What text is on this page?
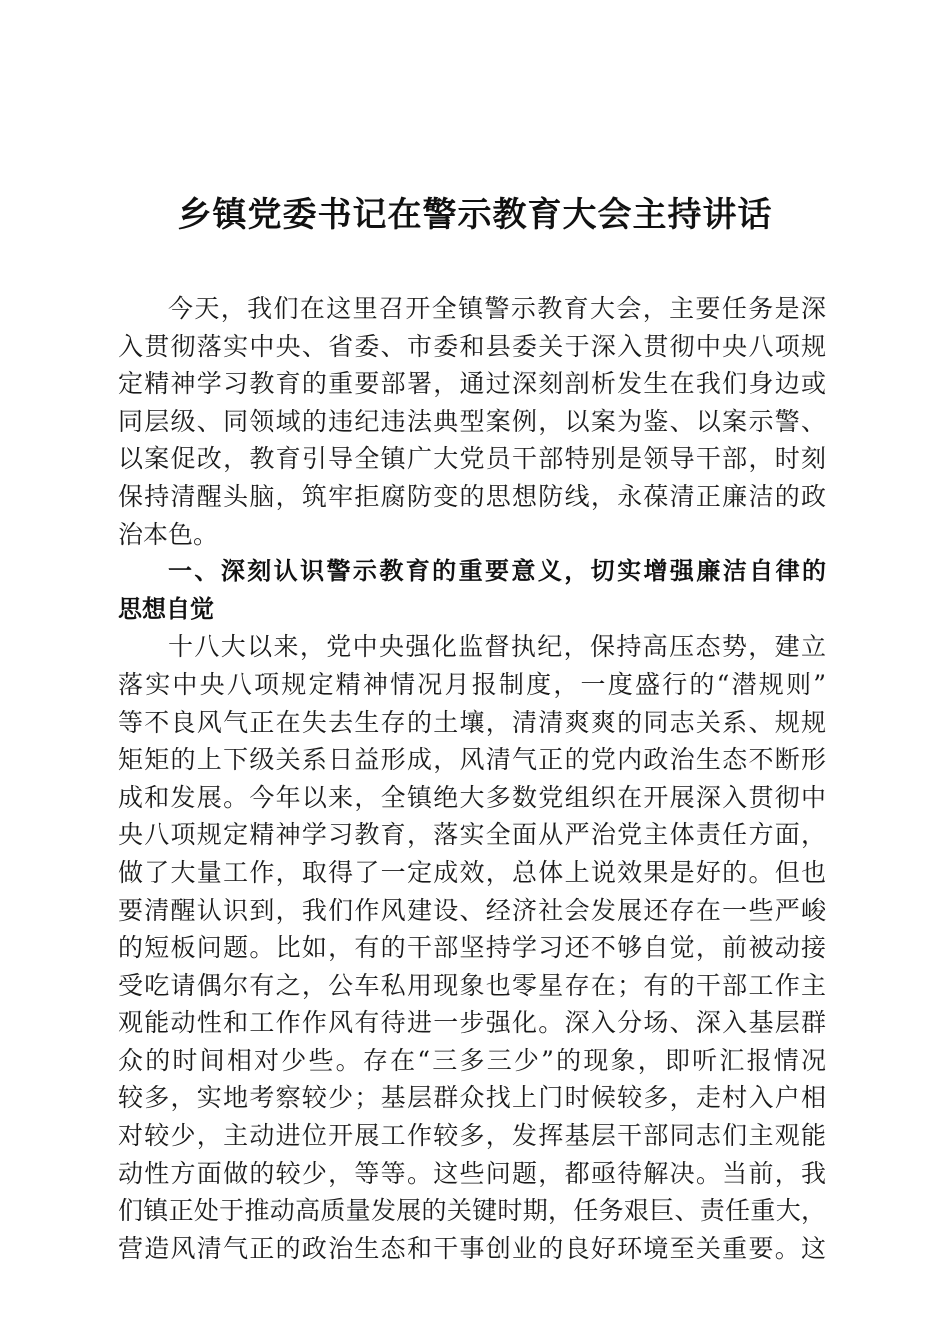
乡镇党委书记在警示教育大会主持讲话
今天，我们在这里召开全镇警示教育大会，主要任务是深
入贯彻落实中央、省委、市委和县委关于深入贯彻中央八项规
定精神学习教育的重要部署，通过深刻剖析发生在我们身边或
同层级、同领域的违纪违法典型案例，以案为鉴、以案示警、
以案促改，教育引导全镇广大党员干部特别是领导干部，时刻
保持清醒头脑，筑牢拒腐防变的思想防线，永葆清正廉洁的政
治本色。
一、深刻认识警示教育的重要意义，切实增强廉洁自律的
思想自觉
十八大以来，党中央强化监督执纪，保持高压态势，建立
落实中央八项规定精神情况月报制度，一度盛行的“潜规则”
等不良风气正在失去生存的土壤，清清爽爽的同志关系、规规
矩矩的上下级关系日益形成，风清气正的党内政治生态不断形
成和发展。今年以来，全镇绝大多数党组织在开展深入贯彻中
央八项规定精神学习教育，落实全面从严治党主体责任方面，
做了大量工作，取得了一定成效，总体上说效果是好的。但也
要清醒认识到，我们作风建设、经济社会发展还存在一些严峻
的短板问题。比如，有的干部坚持学习还不够自觉，前被动接
受吃请偶尔有之，公车私用现象也零星存在；有的干部工作主
观能动性和工作作风有待进一步强化。深入分场、深入基层群
众的时间相对少些。存在“三多三少”的现象，即听汇报情况
较多，实地考察较少；基层群众找上门时候较多，走村入户相
对较少，主动进位开展工作较多，发挥基层干部同志们主观能
动性方面做的较少，等等。这些问题，都亟待解决。当前，我
们镇正处于推动高质量发展的关键时期，任务艰巨、责任重大，
营造风清气正的政治生态和干事创业的良好环境至关重要。这
